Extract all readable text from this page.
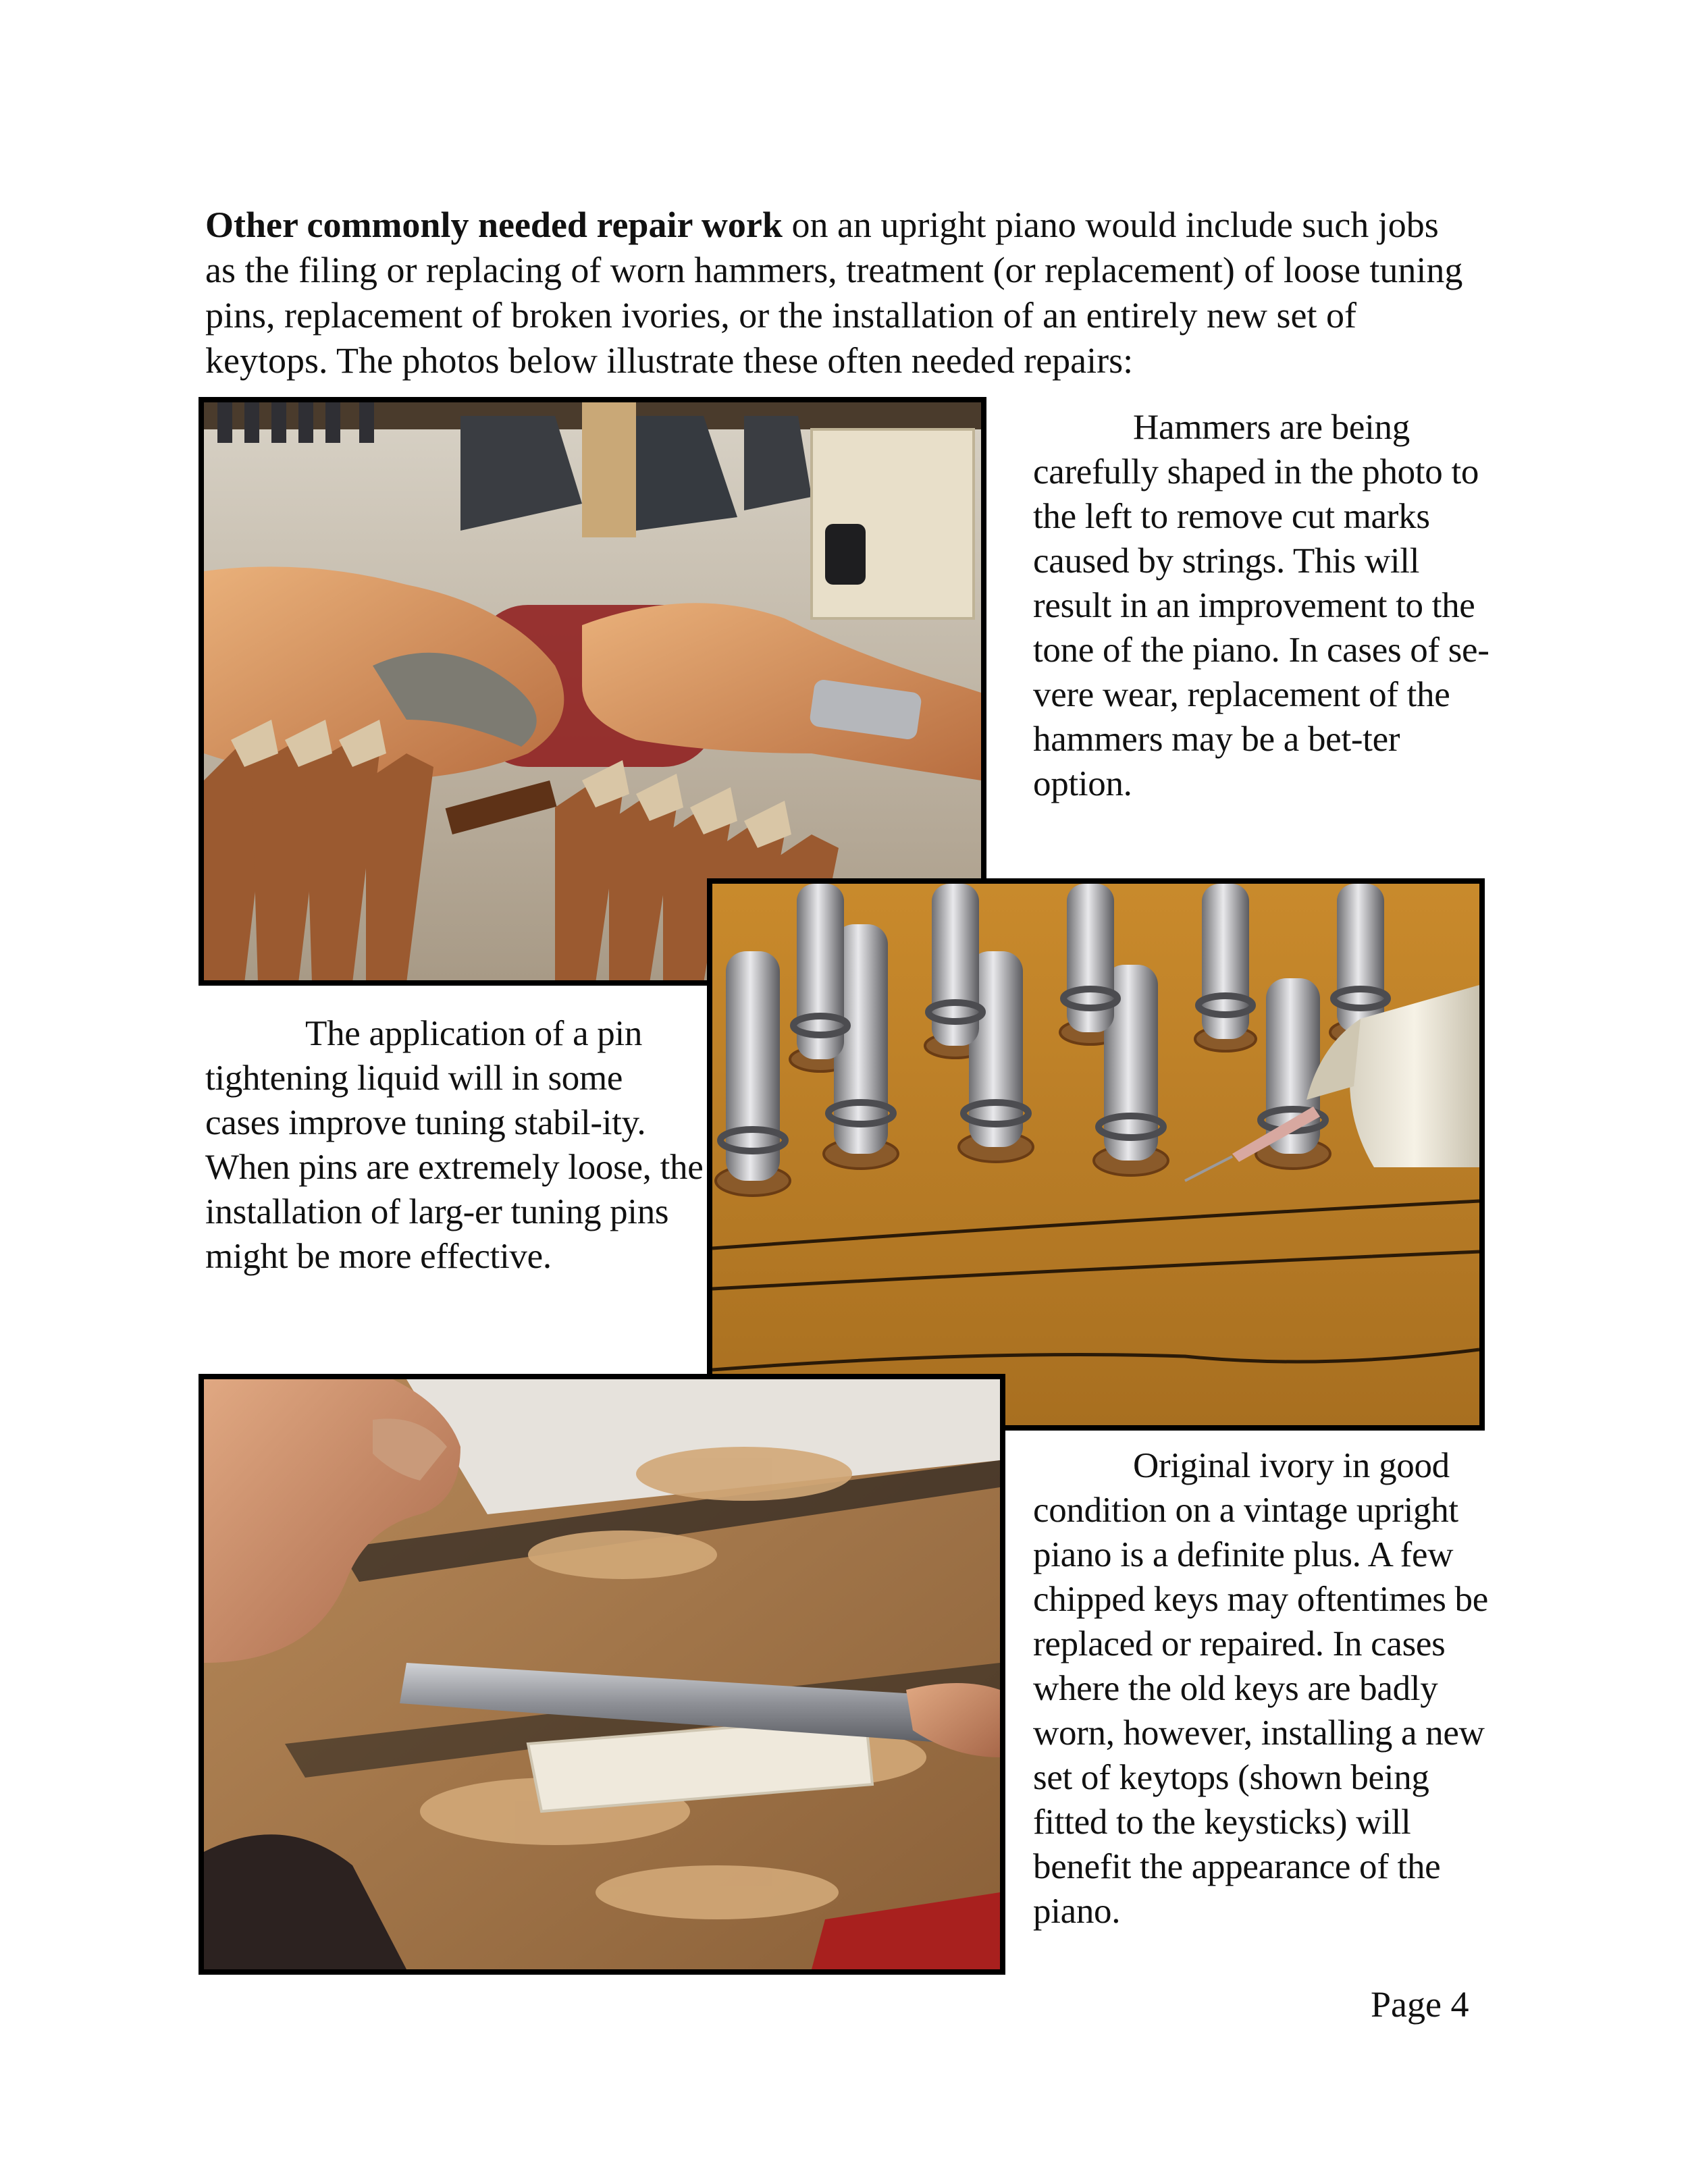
Other commonly needed repair work on an upright piano would include such jobs as the filing or replacing of worn hammers, treatment (or replacement) of loose tuning pins, replacement of broken ivories, or the installation of an entirely new set of keytops. The photos below illustrate these often needed repairs:

Hammers are being carefully shaped in the photo to the left to remove cut marks caused by strings. This will result in an improvement to the tone of the piano. In cases of se-vere wear, replacement of the hammers may be a bet-ter option.

The application of a pin tightening liquid will in some cases improve tuning stabil-ity. When pins are extremely loose, the installation of larg-er tuning pins might be more effective.

Original ivory in good condition on a vintage upright piano is a definite plus. A few chipped keys may oftentimes be replaced or repaired. In cases where the old keys are badly worn, however, installing a new set of keytops (shown being fitted to the keysticks) will benefit the appearance of the piano.

Page 4
